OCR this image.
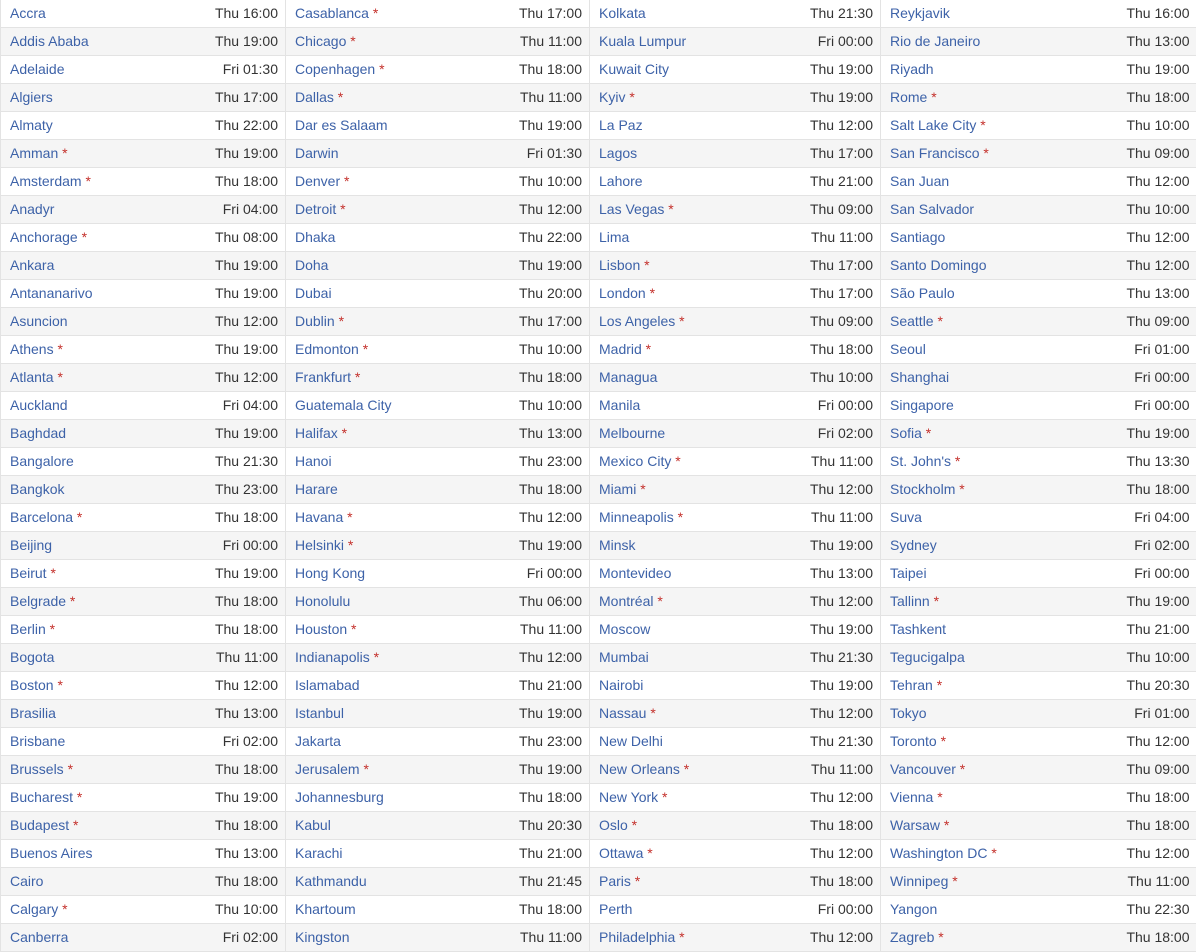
Accra	Thu 16:00	Casablanca *	Thu 17:00	Kolkata	Thu 21:30	Reykjavik	Thu 16:00
Addis Ababa	Thu 19:00	Chicago *	Thu 11:00	Kuala Lumpur	Fri 00:00	Rio de Janeiro	Thu 13:00
Adelaide	Fri 01:30	Copenhagen *	Thu 18:00	Kuwait City	Thu 19:00	Riyadh	Thu 19:00
Algiers	Thu 17:00	Dallas *	Thu 11:00	Kyiv *	Thu 19:00	Rome *	Thu 18:00
Almaty	Thu 22:00	Dar es Salaam	Thu 19:00	La Paz	Thu 12:00	Salt Lake City *	Thu 10:00
Amman *	Thu 19:00	Darwin	Fri 01:30	Lagos	Thu 17:00	San Francisco *	Thu 09:00
Amsterdam *	Thu 18:00	Denver *	Thu 10:00	Lahore	Thu 21:00	San Juan	Thu 12:00
Anadyr	Fri 04:00	Detroit *	Thu 12:00	Las Vegas *	Thu 09:00	San Salvador	Thu 10:00
Anchorage *	Thu 08:00	Dhaka	Thu 22:00	Lima	Thu 11:00	Santiago	Thu 12:00
Ankara	Thu 19:00	Doha	Thu 19:00	Lisbon *	Thu 17:00	Santo Domingo	Thu 12:00
Antananarivo	Thu 19:00	Dubai	Thu 20:00	London *	Thu 17:00	São Paulo	Thu 13:00
Asuncion	Thu 12:00	Dublin *	Thu 17:00	Los Angeles *	Thu 09:00	Seattle *	Thu 09:00
Athens *	Thu 19:00	Edmonton *	Thu 10:00	Madrid *	Thu 18:00	Seoul	Fri 01:00
Atlanta *	Thu 12:00	Frankfurt *	Thu 18:00	Managua	Thu 10:00	Shanghai	Fri 00:00
Auckland	Fri 04:00	Guatemala City	Thu 10:00	Manila	Fri 00:00	Singapore	Fri 00:00
Baghdad	Thu 19:00	Halifax *	Thu 13:00	Melbourne	Fri 02:00	Sofia *	Thu 19:00
Bangalore	Thu 21:30	Hanoi	Thu 23:00	Mexico City *	Thu 11:00	St. John's *	Thu 13:30
Bangkok	Thu 23:00	Harare	Thu 18:00	Miami *	Thu 12:00	Stockholm *	Thu 18:00
Barcelona *	Thu 18:00	Havana *	Thu 12:00	Minneapolis *	Thu 11:00	Suva	Fri 04:00
Beijing	Fri 00:00	Helsinki *	Thu 19:00	Minsk	Thu 19:00	Sydney	Fri 02:00
Beirut *	Thu 19:00	Hong Kong	Fri 00:00	Montevideo	Thu 13:00	Taipei	Fri 00:00
Belgrade *	Thu 18:00	Honolulu	Thu 06:00	Montréal *	Thu 12:00	Tallinn *	Thu 19:00
Berlin *	Thu 18:00	Houston *	Thu 11:00	Moscow	Thu 19:00	Tashkent	Thu 21:00
Bogota	Thu 11:00	Indianapolis *	Thu 12:00	Mumbai	Thu 21:30	Tegucigalpa	Thu 10:00
Boston *	Thu 12:00	Islamabad	Thu 21:00	Nairobi	Thu 19:00	Tehran *	Thu 20:30
Brasilia	Thu 13:00	Istanbul	Thu 19:00	Nassau *	Thu 12:00	Tokyo	Fri 01:00
Brisbane	Fri 02:00	Jakarta	Thu 23:00	New Delhi	Thu 21:30	Toronto *	Thu 12:00
Brussels *	Thu 18:00	Jerusalem *	Thu 19:00	New Orleans *	Thu 11:00	Vancouver *	Thu 09:00
Bucharest *	Thu 19:00	Johannesburg	Thu 18:00	New York *	Thu 12:00	Vienna *	Thu 18:00
Budapest *	Thu 18:00	Kabul	Thu 20:30	Oslo *	Thu 18:00	Warsaw *	Thu 18:00
Buenos Aires	Thu 13:00	Karachi	Thu 21:00	Ottawa *	Thu 12:00	Washington DC *	Thu 12:00
Cairo	Thu 18:00	Kathmandu	Thu 21:45	Paris *	Thu 18:00	Winnipeg *	Thu 11:00
Calgary *	Thu 10:00	Khartoum	Thu 18:00	Perth	Fri 00:00	Yangon	Thu 22:30
Canberra	Fri 02:00	Kingston	Thu 11:00	Philadelphia *	Thu 12:00	Zagreb *	Thu 18:00
